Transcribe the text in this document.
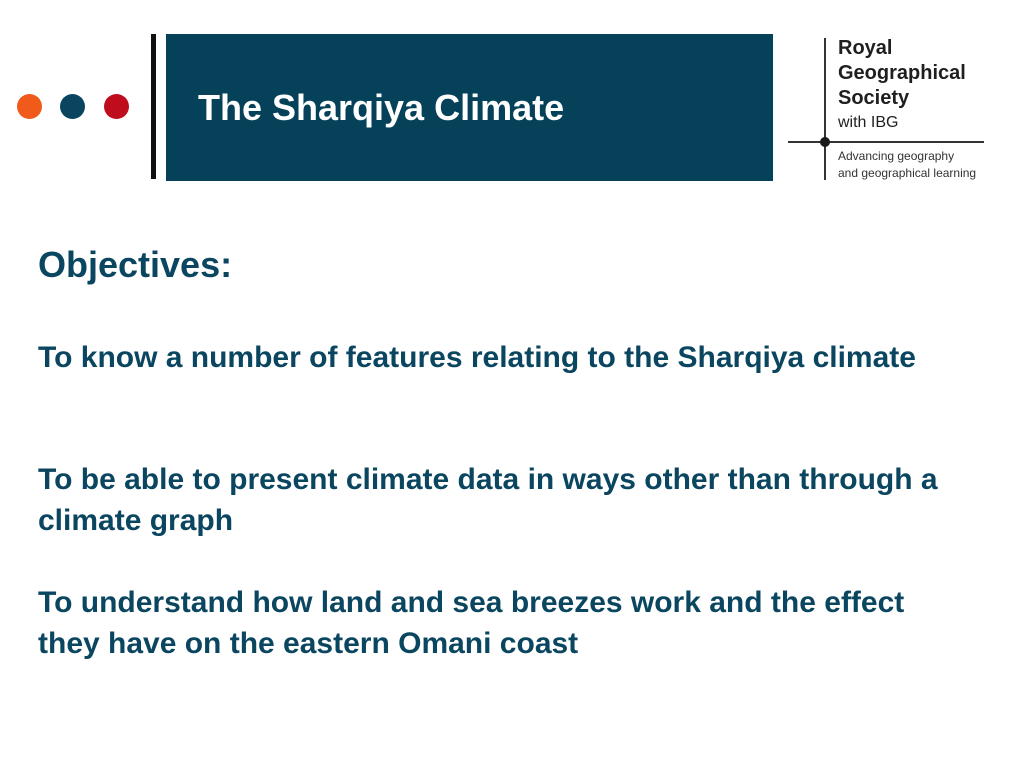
The Sharqiya Climate

Royal
Geographical
Society

with IBG

Advancing geography
and geographical learning

Objectives:

To know a number of features relating to the Sharqiya climate

To be able to present climate data in ways other than through a climate graph

To understand how land and sea breezes work and the effect they have on the eastern Omani coast
